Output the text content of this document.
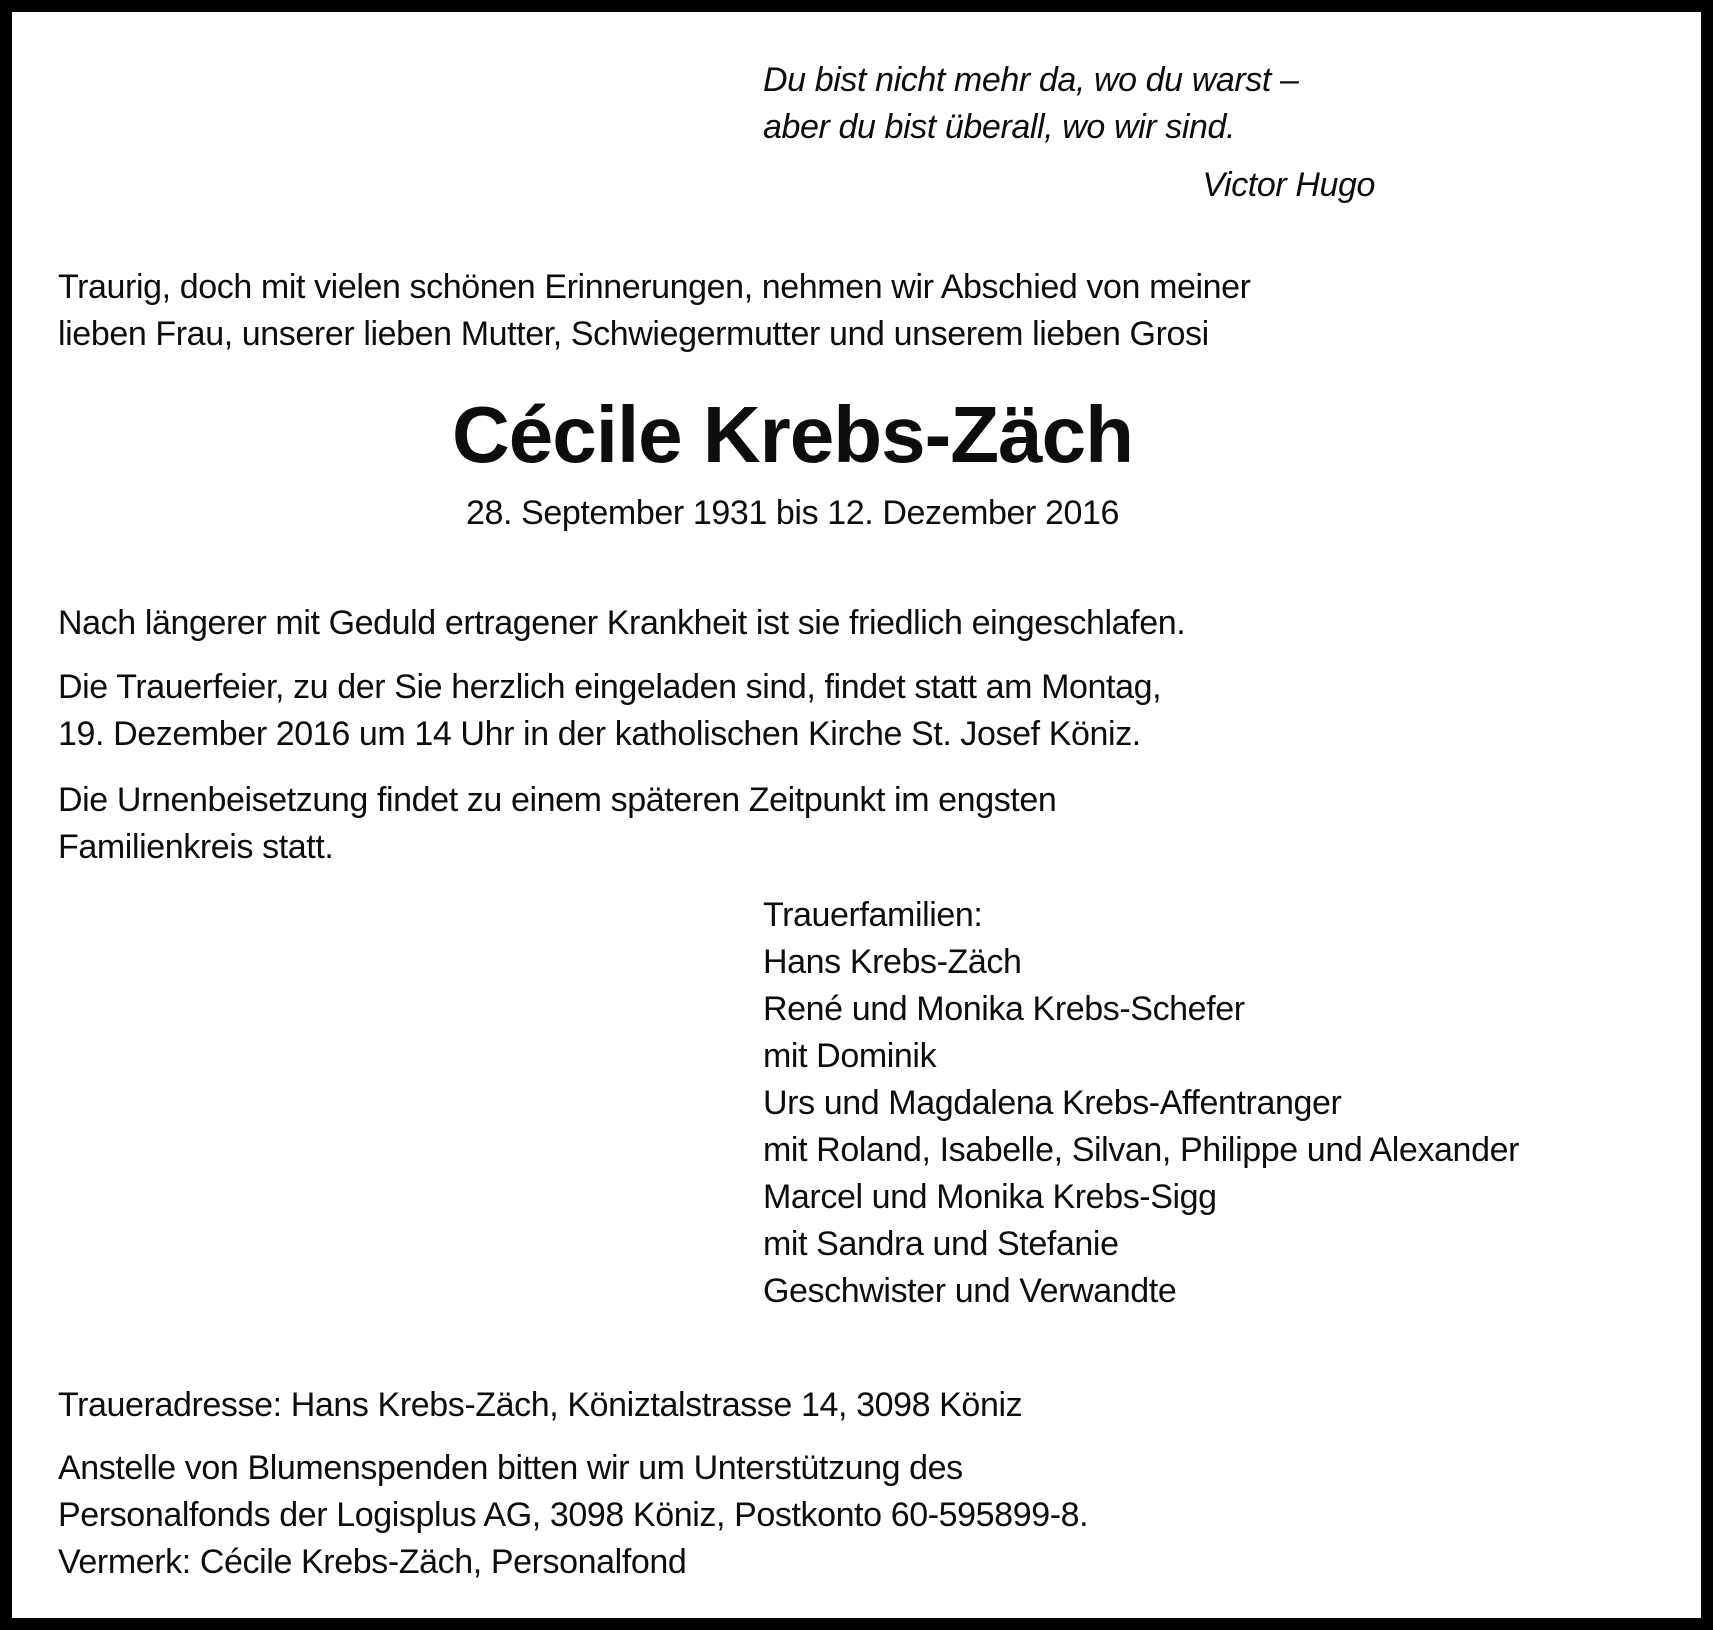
Du bist nicht mehr da, wo du warst –
aber du bist überall, wo wir sind.
Victor Hugo
Traurig, doch mit vielen schönen Erinnerungen, nehmen wir Abschied von meiner
lieben Frau, unserer lieben Mutter, Schwiegermutter und unserem lieben Grosi
Cécile Krebs-Zäch
28. September 1931 bis 12. Dezember 2016
Nach längerer mit Geduld ertragener Krankheit ist sie friedlich eingeschlafen.
Die Trauerfeier, zu der Sie herzlich eingeladen sind, findet statt am Montag,
19. Dezember 2016 um 14 Uhr in der katholischen Kirche St. Josef Köniz.
Die Urnenbeisetzung findet zu einem späteren Zeitpunkt im engsten
Familienkreis statt.
Trauerfamilien:
Hans Krebs-Zäch
René und Monika Krebs-Schefer
mit Dominik
Urs und Magdalena Krebs-Affentranger
mit Roland, Isabelle, Silvan, Philippe und Alexander
Marcel und Monika Krebs-Sigg
mit Sandra und Stefanie
Geschwister und Verwandte
Traueradresse: Hans Krebs-Zäch, Köniztalstrasse 14, 3098 Köniz
Anstelle von Blumenspenden bitten wir um Unterstützung des
Personalfonds der Logisplus AG, 3098 Köniz, Postkonto 60-595899-8.
Vermerk: Cécile Krebs-Zäch, Personalfond
